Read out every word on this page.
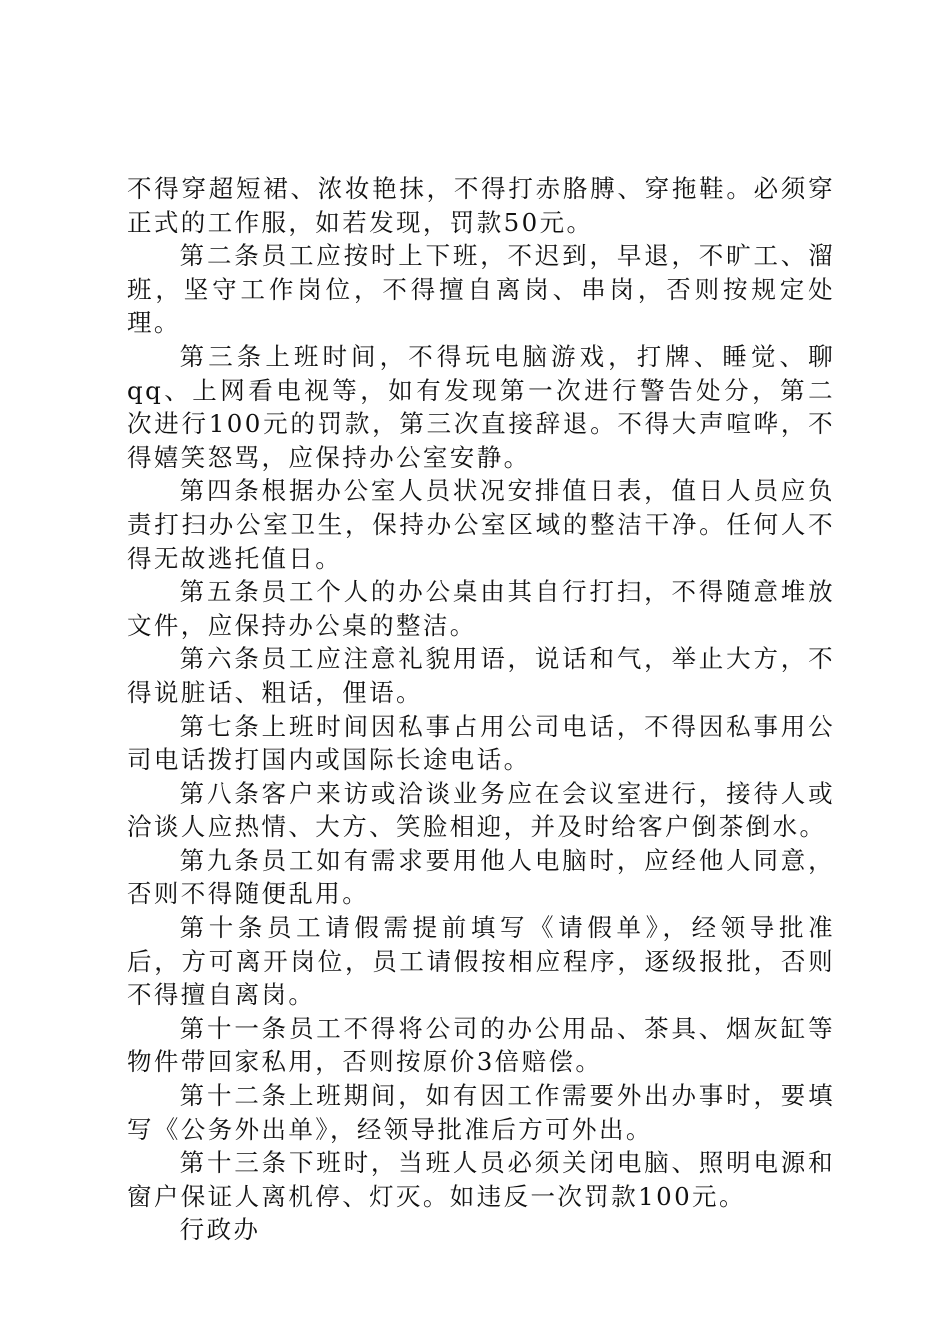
不得穿超短裙、浓妆艳抹，不得打赤胳膊、穿拖鞋。必须穿正式的工作服，如若发现，罚款50元。

第二条员工应按时上下班，不迟到，早退，不旷工、溜班，坚守工作岗位，不得擅自离岗、串岗，否则按规定处理。

第三条上班时间，不得玩电脑游戏，打牌、睡觉、聊qq、上网看电视等，如有发现第一次进行警告处分，第二次进行100元的罚款，第三次直接辞退。不得大声喧哗，不得嬉笑怒骂，应保持办公室安静。

第四条根据办公室人员状况安排值日表，值日人员应负责打扫办公室卫生，保持办公室区域的整洁干净。任何人不得无故逃托值日。

第五条员工个人的办公桌由其自行打扫，不得随意堆放文件，应保持办公桌的整洁。

第六条员工应注意礼貌用语，说话和气，举止大方，不得说脏话、粗话，俚语。

第七条上班时间因私事占用公司电话，不得因私事用公司电话拨打国内或国际长途电话。

第八条客户来访或洽谈业务应在会议室进行，接待人或洽谈人应热情、大方、笑脸相迎，并及时给客户倒茶倒水。

第九条员工如有需求要用他人电脑时，应经他人同意，否则不得随便乱用。

第十条员工请假需提前填写《请假单》，经领导批准后，方可离开岗位，员工请假按相应程序，逐级报批，否则不得擅自离岗。

第十一条员工不得将公司的办公用品、茶具、烟灰缸等物件带回家私用，否则按原价3倍赔偿。

第十二条上班期间，如有因工作需要外出办事时，要填写《公务外出单》，经领导批准后方可外出。

第十三条下班时，当班人员必须关闭电脑、照明电源和窗户保证人离机停、灯灭。如违反一次罚款100元。

行政办
